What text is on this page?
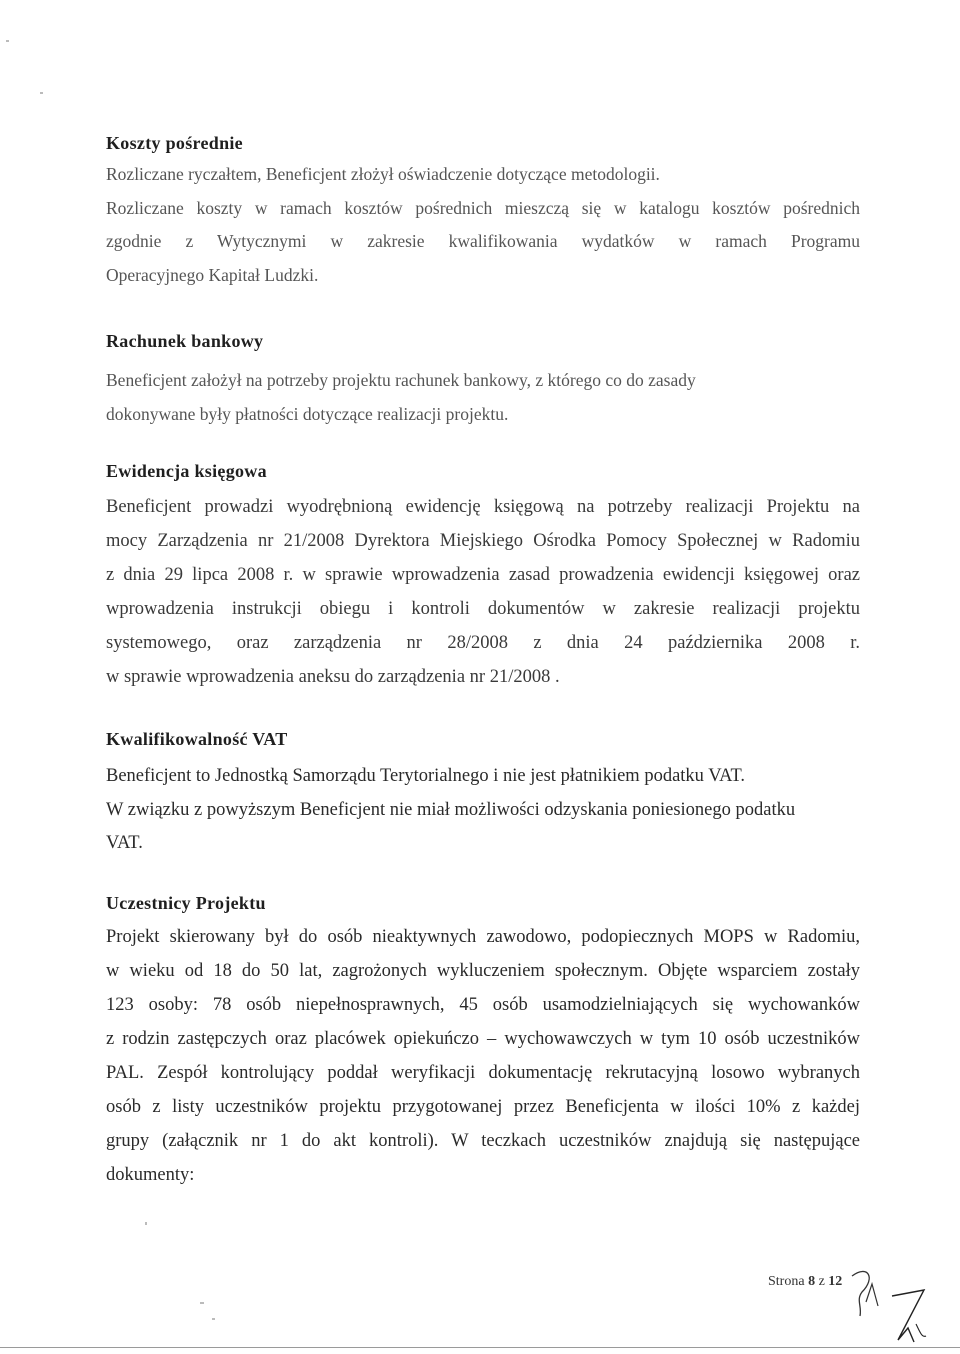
Koszty pośrednie
Rozliczane ryczałtem, Beneficjent złożył oświadczenie dotyczące metodologii.
Rozliczane koszty w ramach kosztów pośrednich mieszczą się w katalogu kosztów pośrednich
zgodnie z Wytycznymi w zakresie kwalifikowania wydatków w ramach Programu
Operacyjnego Kapitał Ludzki.
Rachunek bankowy
Beneficjent założył na potrzeby projektu rachunek bankowy, z którego co do zasady
dokonywane były płatności dotyczące realizacji projektu.
Ewidencja księgowa
Beneficjent prowadzi wyodrębnioną ewidencję księgową na potrzeby realizacji Projektu na
mocy Zarządzenia nr 21/2008 Dyrektora Miejskiego Ośrodka Pomocy Społecznej w Radomiu
z dnia 29 lipca 2008 r. w sprawie wprowadzenia zasad prowadzenia ewidencji księgowej oraz
wprowadzenia instrukcji obiegu i kontroli dokumentów w zakresie realizacji projektu
systemowego, oraz zarządzenia nr 28/2008 z dnia 24 października 2008 r.
w sprawie wprowadzenia aneksu do zarządzenia nr 21/2008 .
Kwalifikowalność VAT
Beneficjent to Jednostką Samorządu Terytorialnego i nie jest płatnikiem podatku VAT.
W związku z powyższym Beneficjent nie miał możliwości odzyskania poniesionego podatku
VAT.
Uczestnicy Projektu
Projekt skierowany był do osób nieaktywnych zawodowo, podopiecznych MOPS w Radomiu,
w wieku od 18 do 50 lat, zagrożonych wykluczeniem społecznym. Objęte wsparciem zostały
123 osoby: 78 osób niepełnosprawnych, 45 osób usamodzielniających się wychowanków
z rodzin zastępczych oraz placówek opiekuńczo – wychowawczych w tym 10 osób uczestników
PAL. Zespół kontrolujący poddał weryfikacji dokumentację rekrutacyjną losowo wybranych
osób z listy uczestników projektu przygotowanej przez Beneficjenta w ilości 10% z każdej
grupy (załącznik nr 1 do akt kontroli). W teczkach uczestników znajdują się następujące
dokumenty:
Strona 8 z 12
